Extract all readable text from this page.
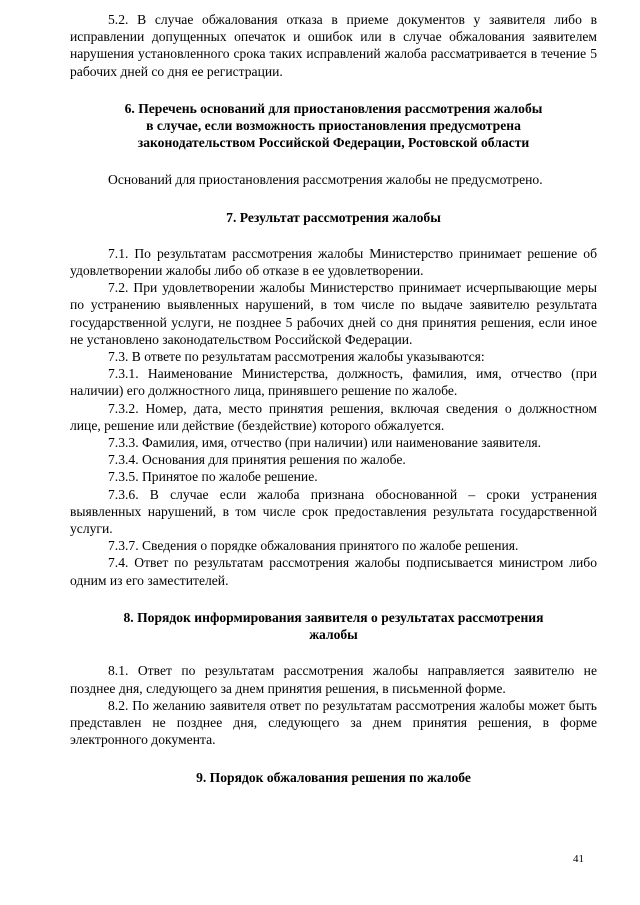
5.2. В случае обжалования отказа в приеме документов у заявителя либо в исправлении допущенных опечаток и ошибок или в случае обжалования заявителем нарушения установленного срока таких исправлений жалоба рассматривается в течение 5 рабочих дней со дня ее регистрации.

6. Перечень оснований для приостановления рассмотрения жалобы
в случае, если возможность приостановления предусмотрена
законодательством Российской Федерации, Ростовской области

Оснований для приостановления рассмотрения жалобы не предусмотрено.

7. Результат рассмотрения жалобы

7.1. По результатам рассмотрения жалобы Министерство принимает решение об удовлетворении жалобы либо об отказе в ее удовлетворении.

7.2. При удовлетворении жалобы Министерство принимает исчерпывающие меры по устранению выявленных нарушений, в том числе по выдаче заявителю результата государственной услуги, не позднее 5 рабочих дней со дня принятия решения, если иное не установлено законодательством Российской Федерации.

7.3. В ответе по результатам рассмотрения жалобы указываются:

7.3.1. Наименование Министерства, должность, фамилия, имя, отчество (при наличии) его должностного лица, принявшего решение по жалобе.

7.3.2. Номер, дата, место принятия решения, включая сведения о должностном лице, решение или действие (бездействие) которого обжалуется.

7.3.3. Фамилия, имя, отчество (при наличии) или наименование заявителя.

7.3.4. Основания для принятия решения по жалобе.

7.3.5. Принятое по жалобе решение.

7.3.6. В случае если жалоба признана обоснованной – сроки устранения выявленных нарушений, в том числе срок предоставления результата государственной услуги.

7.3.7. Сведения о порядке обжалования принятого по жалобе решения.

7.4. Ответ по результатам рассмотрения жалобы подписывается министром либо одним из его заместителей.

8. Порядок информирования заявителя о результатах рассмотрения
жалобы

8.1. Ответ по результатам рассмотрения жалобы направляется заявителю не позднее дня, следующего за днем принятия решения, в письменной форме.

8.2. По желанию заявителя ответ по результатам рассмотрения жалобы может быть представлен не позднее дня, следующего за днем принятия решения, в форме электронного документа.

9. Порядок обжалования решения по жалобе

41
